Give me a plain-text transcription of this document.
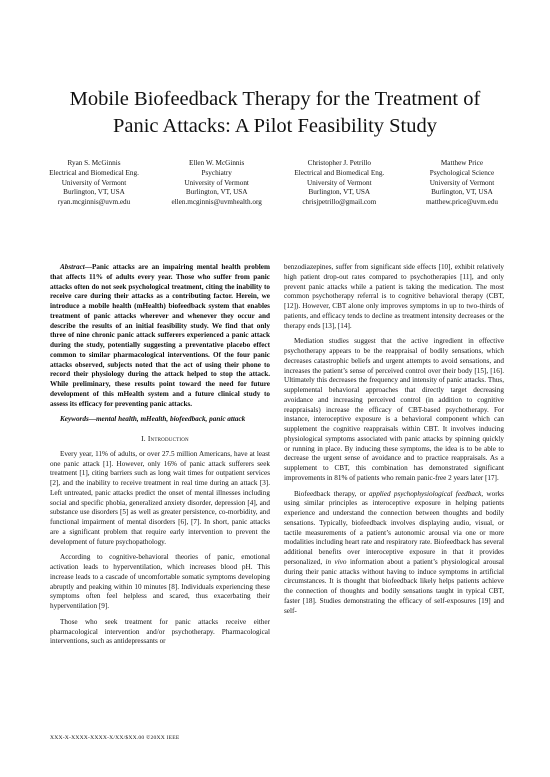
Mobile Biofeedback Therapy for the Treatment of
Panic Attacks: A Pilot Feasibility Study
Ryan S. McGinnis
Electrical and Biomedical Eng.
University of Vermont
Burlington, VT, USA
ryan.mcginnis@uvm.edu
Ellen W. McGinnis
Psychiatry
University of Vermont
Burlington, VT, USA
ellen.mcginnis@uvmhealth.org
Christopher J. Petrillo
Electrical and Biomedical Eng.
University of Vermont
Burlington, VT, USA
chrisjpetrillo@gmail.com
Matthew Price
Psychological Science
University of Vermont
Burlington, VT, USA
matthew.price@uvm.edu

Abstract—Panic attacks are an impairing mental health problem that affects 11% of adults every year. Those who suffer from panic attacks often do not seek psychological treatment, citing the inability to receive care during their attacks as a contributing factor. Herein, we introduce a mobile health (mHealth) biofeedback system that enables treatment of panic attacks wherever and whenever they occur and describe the results of an initial feasibility study. We find that only three of nine chronic panic attack sufferers experienced a panic attack during the study, potentially suggesting a preventative placebo effect common to similar pharmacological interventions. Of the four panic attacks observed, subjects noted that the act of using their phone to record their physiology during the attack helped to stop the attack. While preliminary, these results point toward the need for future development of this mHealth system and a future clinical study to assess its efficacy for preventing panic attacks.

Keywords—mental health, mHealth, biofeedback, panic attack

I. Introduction

Every year, 11% of adults, or over 27.5 million Americans, have at least one panic attack [1]. However, only 16% of panic attack sufferers seek treatment [1], citing barriers such as long wait times for outpatient services [2], and the inability to receive treatment in real time during an attack [3]. Left untreated, panic attacks predict the onset of mental illnesses including social and specific phobia, generalized anxiety disorder, depression [4], and substance use disorders [5] as well as greater persistence, co-morbidity, and functional impairment of mental disorders [6], [7]. In short, panic attacks are a significant problem that require early intervention to prevent the development of future psychopathology.

According to cognitive-behavioral theories of panic, emotional activation leads to hyperventilation, which increases blood pH. This increase leads to a cascade of uncomfortable somatic symptoms developing abruptly and peaking within 10 minutes [8]. Individuals experiencing these symptoms often feel helpless and scared, thus exacerbating their hyperventilation [9].

Those who seek treatment for panic attacks receive either pharmacological intervention and/or psychotherapy. Pharmacological interventions, such as antidepressants or

benzodiazepines, suffer from significant side effects [10], exhibit relatively high patient drop-out rates compared to psychotherapies [11], and only prevent panic attacks while a patient is taking the medication. The most common psychotherapy referral is to cognitive behavioral therapy (CBT, [12]). However, CBT alone only improves symptoms in up to two-thirds of patients, and efficacy tends to decline as treatment intensity decreases or the therapy ends [13], [14].

Mediation studies suggest that the active ingredient in effective psychotherapy appears to be the reappraisal of bodily sensations, which decreases catastrophic beliefs and urgent attempts to avoid sensations, and increases the patient’s sense of perceived control over their body [15], [16]. Ultimately this decreases the frequency and intensity of panic attacks. Thus, supplemental behavioral approaches that directly target decreasing avoidance and increasing perceived control (in addition to cognitive reappraisals) increase the efficacy of CBT-based psychotherapy. For instance, interoceptive exposure is a behavioral component which can supplement the cognitive reappraisals within CBT. It involves inducing physiological symptoms associated with panic attacks by spinning quickly or running in place. By inducing these symptoms, the idea is to be able to decrease the urgent sense of avoidance and to practice reappraisals. As a supplement to CBT, this combination has demonstrated significant improvements in 81% of patients who remain panic-free 2 years later [17].

Biofeedback therapy, or applied psychophysiological feedback, works using similar principles as interoceptive exposure in helping patients experience and understand the connection between thoughts and bodily sensations. Typically, biofeedback involves displaying audio, visual, or tactile measurements of a patient’s autonomic arousal via one or more modalities including heart rate and respiratory rate. Biofeedback has several additional benefits over interoceptive exposure in that it provides personalized, in vivo information about a patient’s physiological arousal during their panic attacks without having to induce symptoms in artificial circumstances. It is thought that biofeedback likely helps patients achieve the connection of thoughts and bodily sensations taught in typical CBT, faster [18]. Studies demonstrating the efficacy of self-exposures [19] and self-

XXX-X-XXXX-XXXX-X/XX/$XX.00 ©20XX IEEE
